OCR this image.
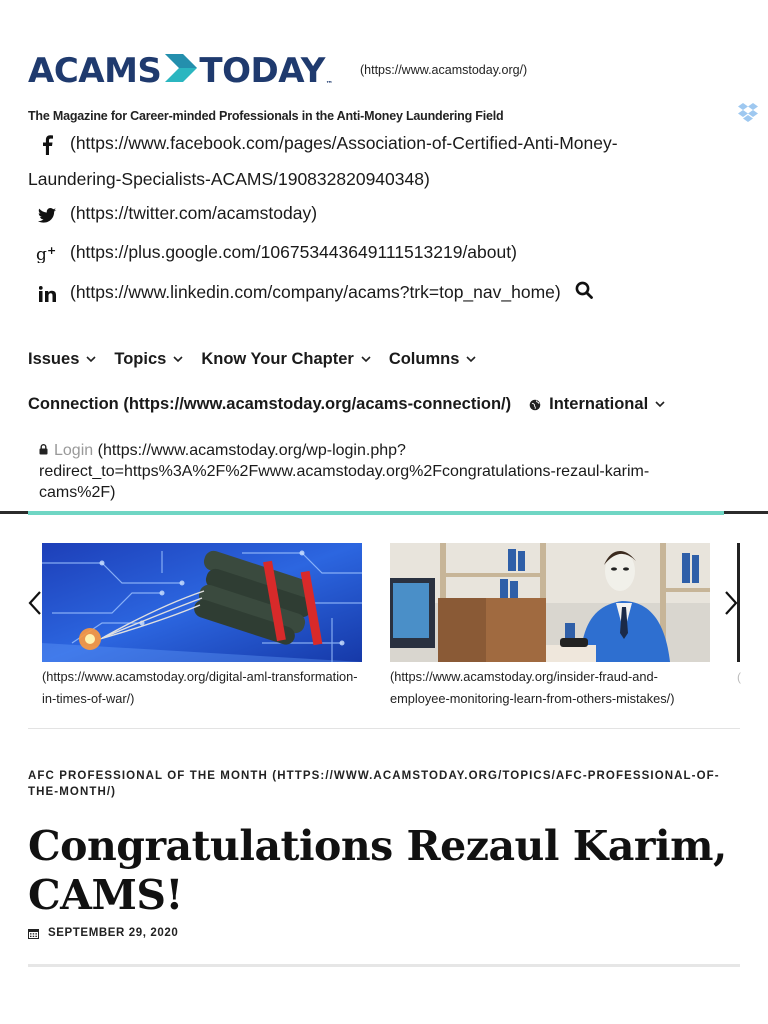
ACAMS TODAY ™
(https://www.acamstoday.org/)
The Magazine for Career-minded Professionals in the Anti-Money Laundering Field
(https://www.facebook.com/pages/Association-of-Certified-Anti-Money-Laundering-Specialists-ACAMS/190832820940348)
(https://twitter.com/acamstoday)
g + (https://plus.google.com/106753443649111513219/about)
(https://www.linkedin.com/company/acams?trk=top_nav_home)
Issues Topics Know Your Chapter Columns
Connection (https://www.acamstoday.org/acams-connection/) International
Login (https://www.acamstoday.org/wp-login.php?redirect_to=https%3A%2F%2Fwww.acamstoday.org%2Fcongratulations-rezaul-karim-cams%2F)
(https://www.acamstoday.org/digital-aml-transformation-in-times-of-war/)
(https://www.acamstoday.org/insider-fraud-and-employee-monitoring-learn-from-others-mistakes/)
(
AFC PROFESSIONAL OF THE MONTH (HTTPS://WWW.ACAMSTODAY.ORG/TOPICS/AFC-PROFESSIONAL-OF-THE-MONTH/)
Congratulations Rezaul Karim, CAMS!
SEPTEMBER 29, 2020
